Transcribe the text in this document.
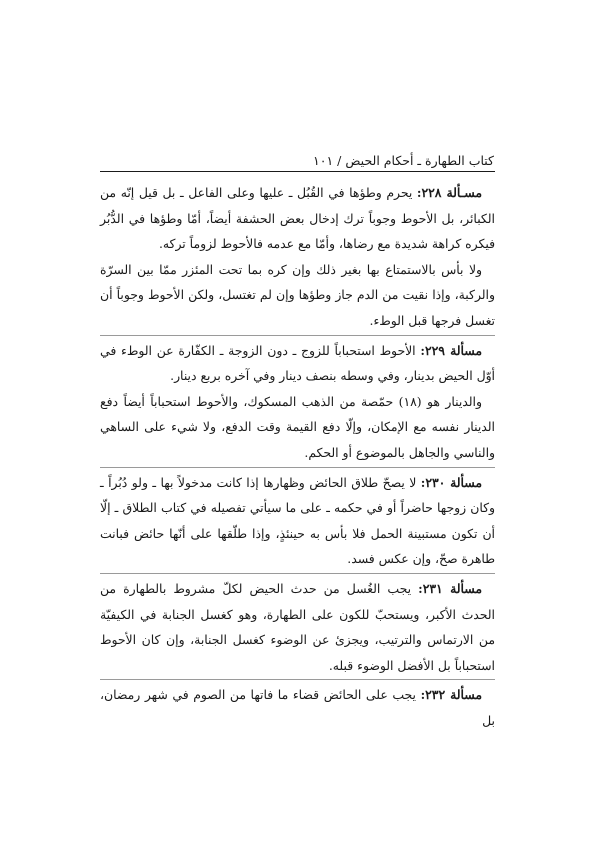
كتاب الطهارة ـ أحكام الحيض / ١٠١

مسـألة ٢٢٨: يحرم وطؤها في القُبُل ـ عليها وعلى الفاعل ـ بل قيل إنّه من الكبائر، بل الأحوط وجوباً ترك إدخال بعض الحشفة أيضاً، أمّا وطؤها في الدُّبُر فيكره كراهة شديدة مع رضاها، وأمّا مع عدمه فالأحوط لزوماً تركه.

ولا بأس بالاستمتاع بها بغير ذلك وإن كره بما تحت المئزر ممّا بين السرّة والركبة، وإذا نقيت من الدم جاز وطؤها وإن لم تغتسل، ولكن الأحوط وجوباً أن تغسل فرجها قبل الوطء.

مسألة ٢٢٩: الأحوط استحباباً للزوج ـ دون الزوجة ـ الكفّارة عن الوطء في أوّل الحيض بدينار، وفي وسطه بنصف دينار وفي آخره بربع دينار.

والدينار هو (١٨) حمّصة من الذهب المسكوك، والأحوط استحباباً أيضاً دفع الدينار نفسه مع الإمكان، وإلّا دفع القيمة وقت الدفع، ولا شيء على الساهي والناسي والجاهل بالموضوع أو الحكم.

مسألة ٢٣٠: لا يصحّ طلاق الحائض وظهارها إذا كانت مدخولاً بها ـ ولو دُبُراً ـ وكان زوجها حاضراً أو في حكمه ـ على ما سيأتي تفصيله في كتاب الطلاق ـ إلّا أن تكون مستبينة الحمل فلا بأس به حينئذٍ، وإذا طلّقها على أنّها حائض فبانت طاهرة صحّ، وإن عكس فسد.

مسألة ٢٣١: يجب الغُسل من حدث الحيض لكلّ مشروط بالطهارة من الحدث الأكبر، ويستحبّ للكون على الطهارة، وهو كغسل الجنابة في الكيفيّة من الارتماس والترتيب، ويجزئ عن الوضوء كغسل الجنابة، وإن كان الأحوط استحباباً بل الأفضل الوضوء قبله.

مسألة ٢٣٢: يجب على الحائض قضاء ما فاتها من الصوم في شهر رمضان، بل
